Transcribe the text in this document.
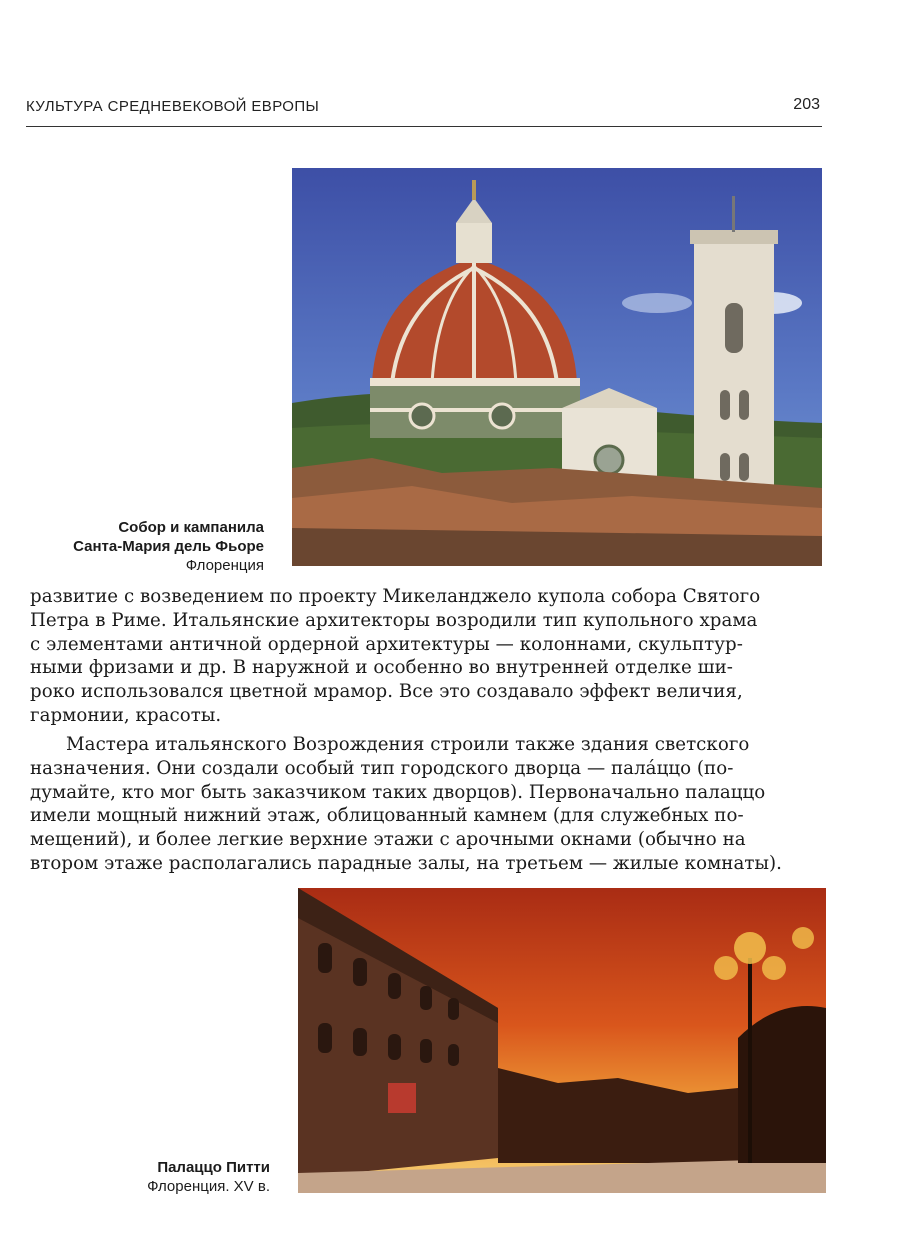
КУЛЬТУРА СРЕДНЕВЕКОВОЙ ЕВРОПЫ	203
Собор и кампанила
Санта-Мария дель Фьоре
Флоренция
развитие с возведением по проекту Микеланджело купола собора Святого
Петра в Риме. Итальянские архитекторы возродили тип купольного храма
с элементами античной ордерной архитектуры — колоннами, скульптур-
ными фризами и др. В наружной и особенно во внутренней отделке ши-
роко использовался цветной мрамор. Все это создавало эффект величия,
гармонии, красоты.
Мастера итальянского Возрождения строили также здания светского
назначения. Они создали особый тип городского дворца — палáццо (по-
думайте, кто мог быть заказчиком таких дворцов). Первоначально палаццо
имели мощный нижний этаж, облицованный камнем (для служебных по-
мещений), и более легкие верхние этажи с арочными окнами (обычно на
втором этаже располагались парадные залы, на третьем — жилые комнаты).
Палаццо Питти
Флоренция. XV в.
